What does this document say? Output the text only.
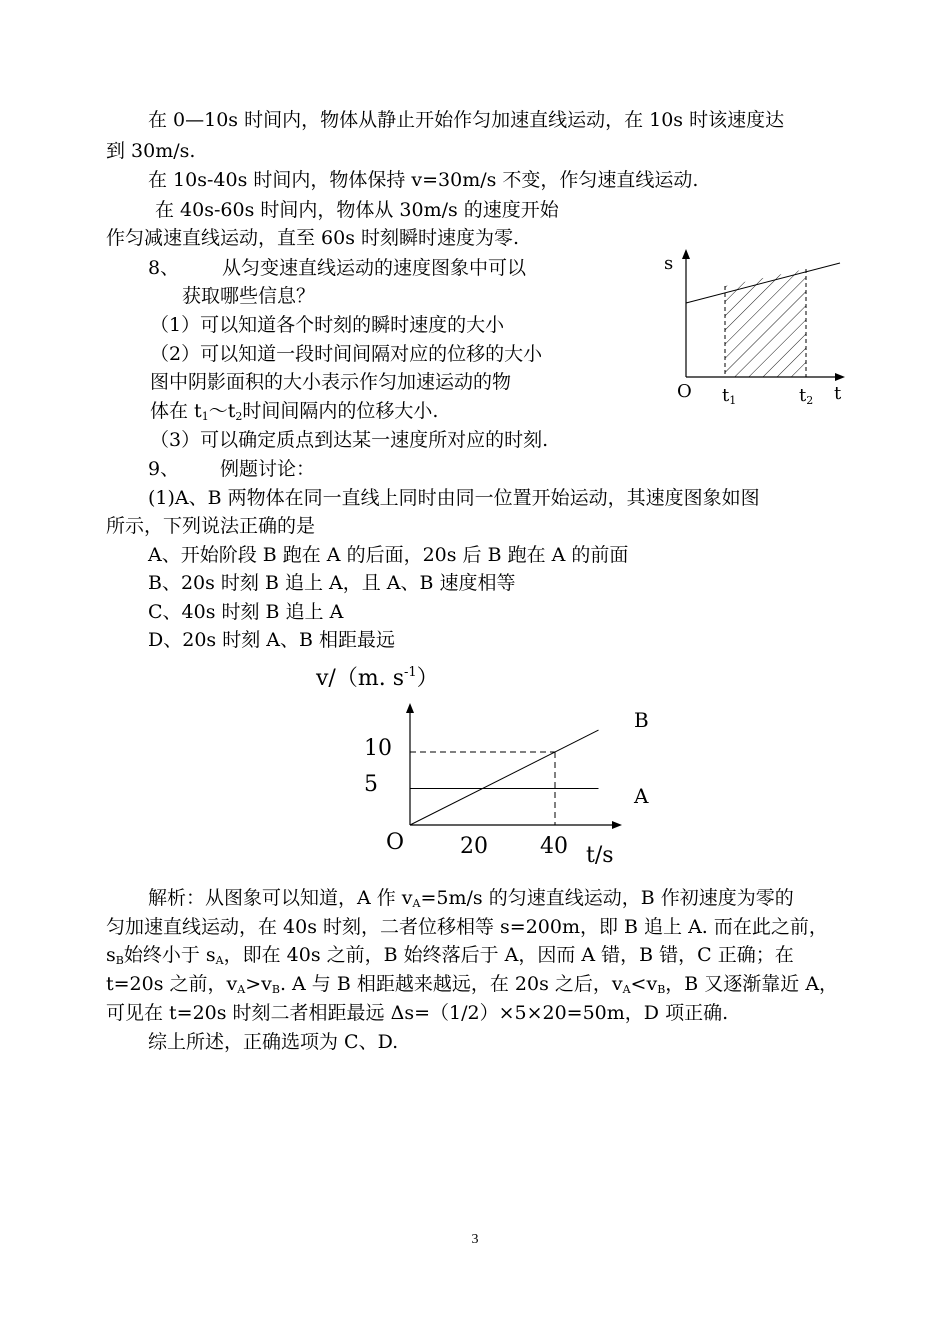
在 0—10s 时间内，物体从静止开始作匀加速直线运动，在 10s 时该速度达
到 30m/s.
在 10s-40s 时间内，物体保持 v=30m/s 不变，作匀速直线运动.
在 40s-60s 时间内，物体从 30m/s 的速度开始
作匀减速直线运动，直至 60s 时刻瞬时速度为零.
8、 从匀变速直线运动的速度图象中可以
获取哪些信息？
（1）可以知道各个时刻的瞬时速度的大小
（2）可以知道一段时间间隔对应的位移的大小
图中阴影面积的大小表示作匀加速运动的物
体在 $t_1\sim t_2$时间间隔内的位移大小.
（3）可以确定质点到达某一速度所对应的时刻.
s
t
O t1	t2
9、 例题讨论：
(1)A、B 两物体在同一直线上同时由同一位置开始运动，其速度图象如图
所示，下列说法正确的是
A、开始阶段 B 跑在 A 的后面，20s 后 B 跑在 A 的前面
B、20s 时刻 B 追上 A，且 A、B 速度相等
C、40s 时刻 B 追上 A
D、20s 时刻 A、B 相距最远
v/（m. $s^{-1}$）
10
5
20 40 t/s
O
B
A
解析：从图象可以知道，A 作 $v_A=5m/s$ 的匀速直线运动，B 作初速度为零的
匀加速直线运动，在 40s 时刻，二者位移相等 s=200m，即 B 追上 A. 而在此之前，
$s_B$始终小于 $s_A$，即在 40s 之前，B 始终落后于 A，因而 A 错，B 错，C 正确；在
t=20s 之前，$v_A>v_B$. A 与 B 相距越来越远，在 20s 之后，$v_A<v_B$，B 又逐渐靠近 A，
可见在 t=20s 时刻二者相距最远 Δs=（1/2）×5×20=50m，D 项正确.
综上所述，正确选项为 C、D.
3
